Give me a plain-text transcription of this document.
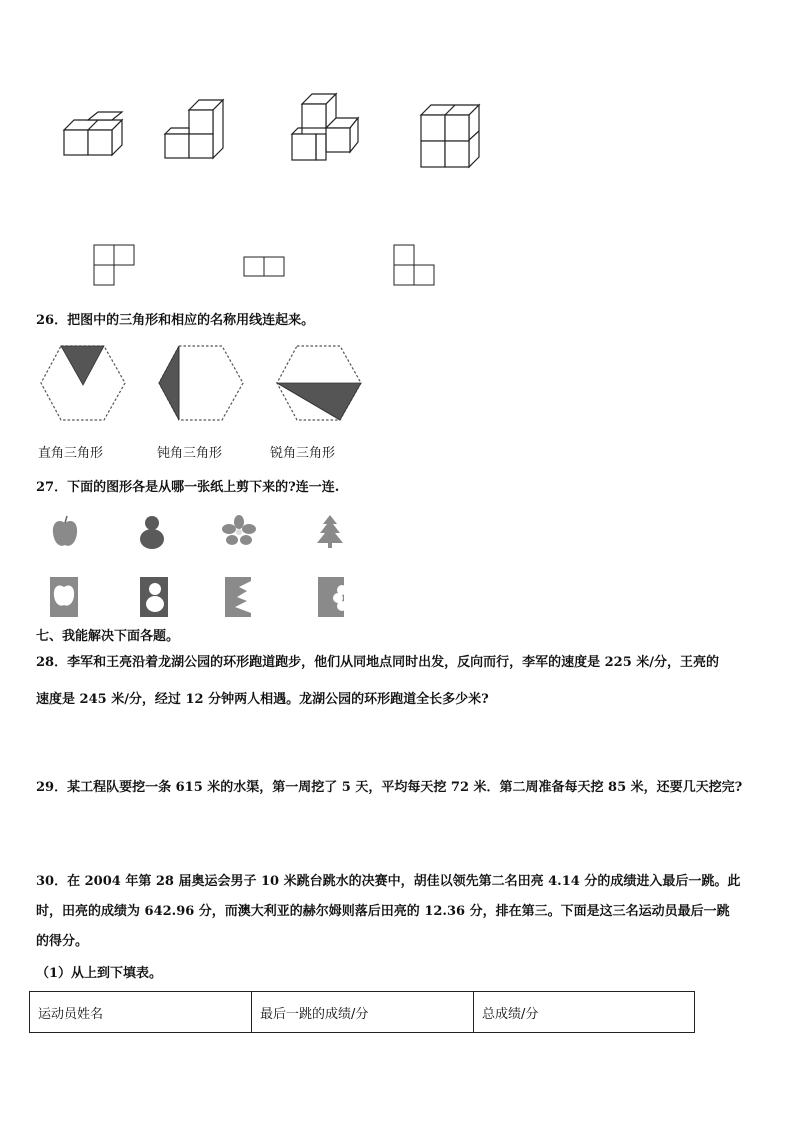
26．把图中的三角形和相应的名称用线连起来。
直角三角形	钝角三角形	锐角三角形
27．下面的图形各是从哪一张纸上剪下来的?连一连.
七、我能解决下面各题。
28．李军和王亮沿着龙湖公园的环形跑道跑步，他们从同地点同时出发，反向而行，李军的速度是 225 米/分，王亮的
速度是 245 米/分，经过 12 分钟两人相遇。龙湖公园的环形跑道全长多少米?
29．某工程队要挖一条 615 米的水渠，第一周挖了 5 天，平均每天挖 72 米．第二周准备每天挖 85 米，还要几天挖完?
30．在 2004 年第 28 届奥运会男子 10 米跳台跳水的决赛中，胡佳以领先第二名田亮 4.14 分的成绩进入最后一跳。此
时，田亮的成绩为 642.96 分，而澳大利亚的赫尔姆则落后田亮的 12.36 分，排在第三。下面是这三名运动员最后一跳
的得分。
（1）从上到下填表。
运动员姓名	最后一跳的成绩/分	总成绩/分
